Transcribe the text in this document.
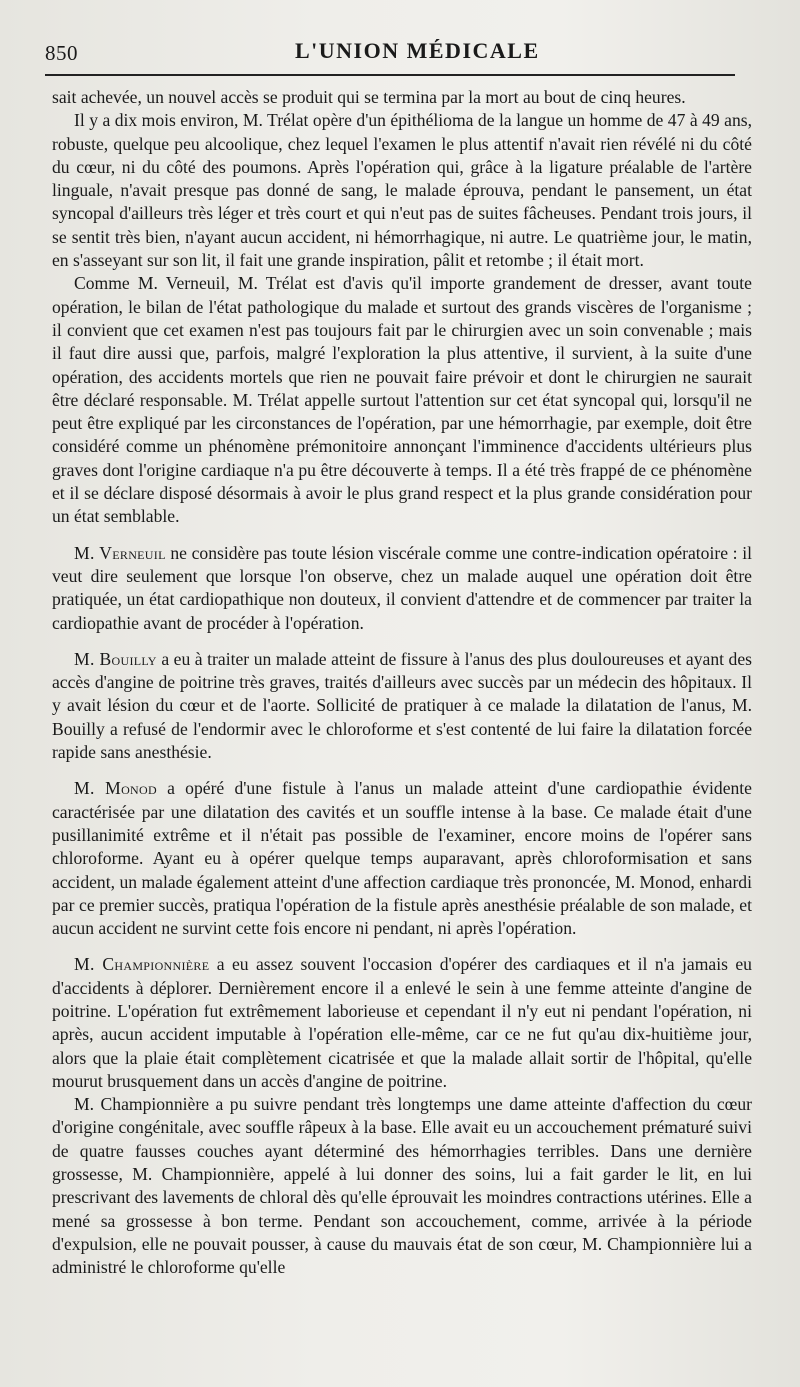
850	L'UNION MÉDICALE

sait achevée, un nouvel accès se produit qui se termina par la mort au bout de cinq heures.

Il y a dix mois environ, M. Trélat opère d'un épithélioma de la langue un homme de 47 à 49 ans, robuste, quelque peu alcoolique, chez lequel l'examen le plus attentif n'avait rien révélé ni du côté du cœur, ni du côté des poumons. Après l'opération qui, grâce à la ligature préalable de l'artère linguale, n'avait presque pas donné de sang, le malade éprouva, pendant le pansement, un état syncopal d'ailleurs très léger et très court et qui n'eut pas de suites fâcheuses. Pendant trois jours, il se sentit très bien, n'ayant aucun accident, ni hémorrhagique, ni autre. Le quatrième jour, le matin, en s'asseyant sur son lit, il fait une grande inspiration, pâlit et retombe ; il était mort.

Comme M. Verneuil, M. Trélat est d'avis qu'il importe grandement de dresser, avant toute opération, le bilan de l'état pathologique du malade et surtout des grands viscères de l'organisme ; il convient que cet examen n'est pas toujours fait par le chirurgien avec un soin convenable ; mais il faut dire aussi que, parfois, malgré l'exploration la plus attentive, il survient, à la suite d'une opération, des accidents mortels que rien ne pouvait faire prévoir et dont le chirurgien ne saurait être déclaré responsable. M. Trélat appelle surtout l'attention sur cet état syncopal qui, lorsqu'il ne peut être expliqué par les circonstances de l'opération, par une hémorrhagie, par exemple, doit être considéré comme un phénomène prémonitoire annonçant l'imminence d'accidents ultérieurs plus graves dont l'origine cardiaque n'a pu être découverte à temps. Il a été très frappé de ce phénomène et il se déclare disposé désormais à avoir le plus grand respect et la plus grande considération pour un état semblable.

M. Verneuil ne considère pas toute lésion viscérale comme une contre-indication opératoire : il veut dire seulement que lorsque l'on observe, chez un malade auquel une opération doit être pratiquée, un état cardiopathique non douteux, il convient d'attendre et de commencer par traiter la cardiopathie avant de procéder à l'opération.

M. Bouilly a eu à traiter un malade atteint de fissure à l'anus des plus douloureuses et ayant des accès d'angine de poitrine très graves, traités d'ailleurs avec succès par un médecin des hôpitaux. Il y avait lésion du cœur et de l'aorte. Sollicité de pratiquer à ce malade la dilatation de l'anus, M. Bouilly a refusé de l'endormir avec le chloroforme et s'est contenté de lui faire la dilatation forcée rapide sans anesthésie.

M. Monod a opéré d'une fistule à l'anus un malade atteint d'une cardiopathie évidente caractérisée par une dilatation des cavités et un souffle intense à la base. Ce malade était d'une pusillanimité extrême et il n'était pas possible de l'examiner, encore moins de l'opérer sans chloroforme. Ayant eu à opérer quelque temps auparavant, après chloroformisation et sans accident, un malade également atteint d'une affection cardiaque très prononcée, M. Monod, enhardi par ce premier succès, pratiqua l'opération de la fistule après anesthésie préalable de son malade, et aucun accident ne survint cette fois encore ni pendant, ni après l'opération.

M. Championnière a eu assez souvent l'occasion d'opérer des cardiaques et il n'a jamais eu d'accidents à déplorer. Dernièrement encore il a enlevé le sein à une femme atteinte d'angine de poitrine. L'opération fut extrêmement laborieuse et cependant il n'y eut ni pendant l'opération, ni après, aucun accident imputable à l'opération elle-même, car ce ne fut qu'au dix-huitième jour, alors que la plaie était complètement cicatrisée et que la malade allait sortir de l'hôpital, qu'elle mourut brusquement dans un accès d'angine de poitrine.

M. Championnière a pu suivre pendant très longtemps une dame atteinte d'affection du cœur d'origine congénitale, avec souffle râpeux à la base. Elle avait eu un accouchement prématuré suivi de quatre fausses couches ayant déterminé des hémorrhagies terribles. Dans une dernière grossesse, M. Championnière, appelé à lui donner des soins, lui a fait garder le lit, en lui prescrivant des lavements de chloral dès qu'elle éprouvait les moindres contractions utérines. Elle a mené sa grossesse à bon terme. Pendant son accouchement, comme, arrivée à la période d'expulsion, elle ne pouvait pousser, à cause du mauvais état de son cœur, M. Championnière lui a administré le chloroforme qu'elle
